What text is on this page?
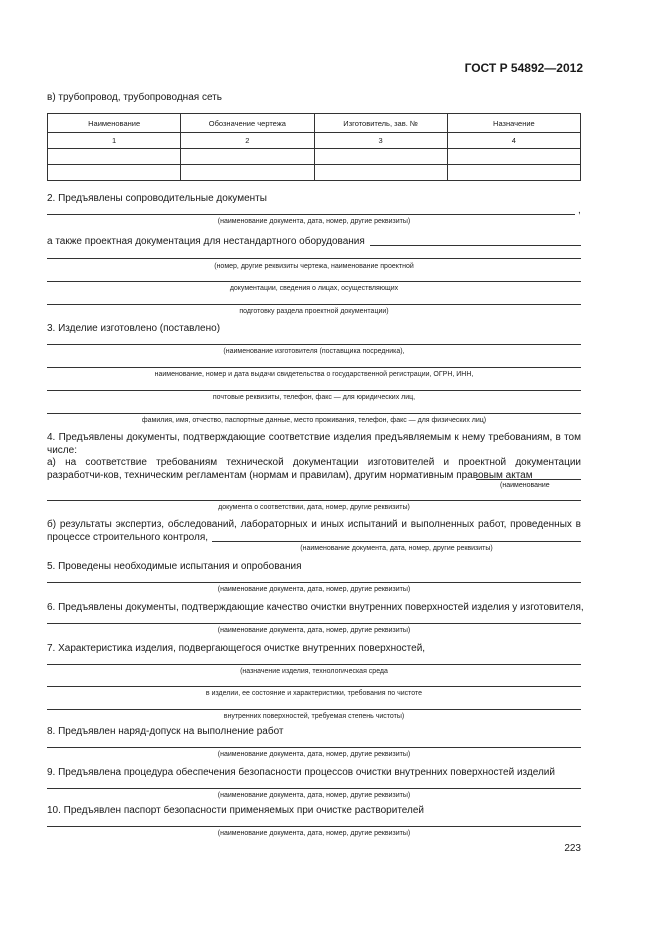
ГОСТ Р 54892—2012
в) трубопровод, трубопроводная сеть
Наименование	Обозначение чертежа	Изготовитель, зав. №	Назначение
1	2	3	4

2. Предъявлены сопроводительные документы
,
(наименование документа, дата, номер, другие реквизиты)
а также проектная документация для нестандартного оборудования
(номер, другие реквизиты чертежа, наименование проектной
документации, сведения о лицах, осуществляющих
подготовку раздела проектной документации)
3. Изделие изготовлено (поставлено)
(наименование изготовителя (поставщика посредника),
наименование, номер и дата выдачи свидетельства о государственной регистрации, ОГРН, ИНН,
почтовые реквизиты, телефон, факс — для юридических лиц,
фамилия, имя, отчество, паспортные данные, место проживания, телефон, факс — для физических лиц)
4. Предъявлены документы, подтверждающие соответствие изделия предъявляемым к нему требованиям, в том числе:
а) на соответствие требованиям технической документации изготовителей и проектной документации разработчи-ков, техническим регламентам (нормам и правилам), другим нормативным правовым актам
(наименование
документа о соответствии, дата, номер, другие реквизиты)
б) результаты экспертиз, обследований, лабораторных и иных испытаний и выполненных работ, проведенных в процессе строительного контроля,
(наименование документа, дата, номер, другие реквизиты)
5. Проведены необходимые испытания и опробования
(наименование документа, дата, номер, другие реквизиты)
6. Предъявлены документы, подтверждающие качество очистки внутренних поверхностей изделия у изготовителя,
(наименование документа, дата, номер, другие реквизиты)
7. Характеристика изделия, подвергающегося очистке внутренних поверхностей,
(назначение изделия, технологическая среда
в изделии, ее состояние и характеристики, требования по чистоте
внутренних поверхностей, требуемая степень чистоты)
8. Предъявлен наряд-допуск на выполнение работ
(наименование документа, дата, номер, другие реквизиты)
9. Предъявлена процедура обеспечения безопасности процессов очистки внутренних поверхностей изделий
(наименование документа, дата, номер, другие реквизиты)
10. Предъявлен паспорт безопасности применяемых при очистке растворителей
(наименование документа, дата, номер, другие реквизиты)
223
